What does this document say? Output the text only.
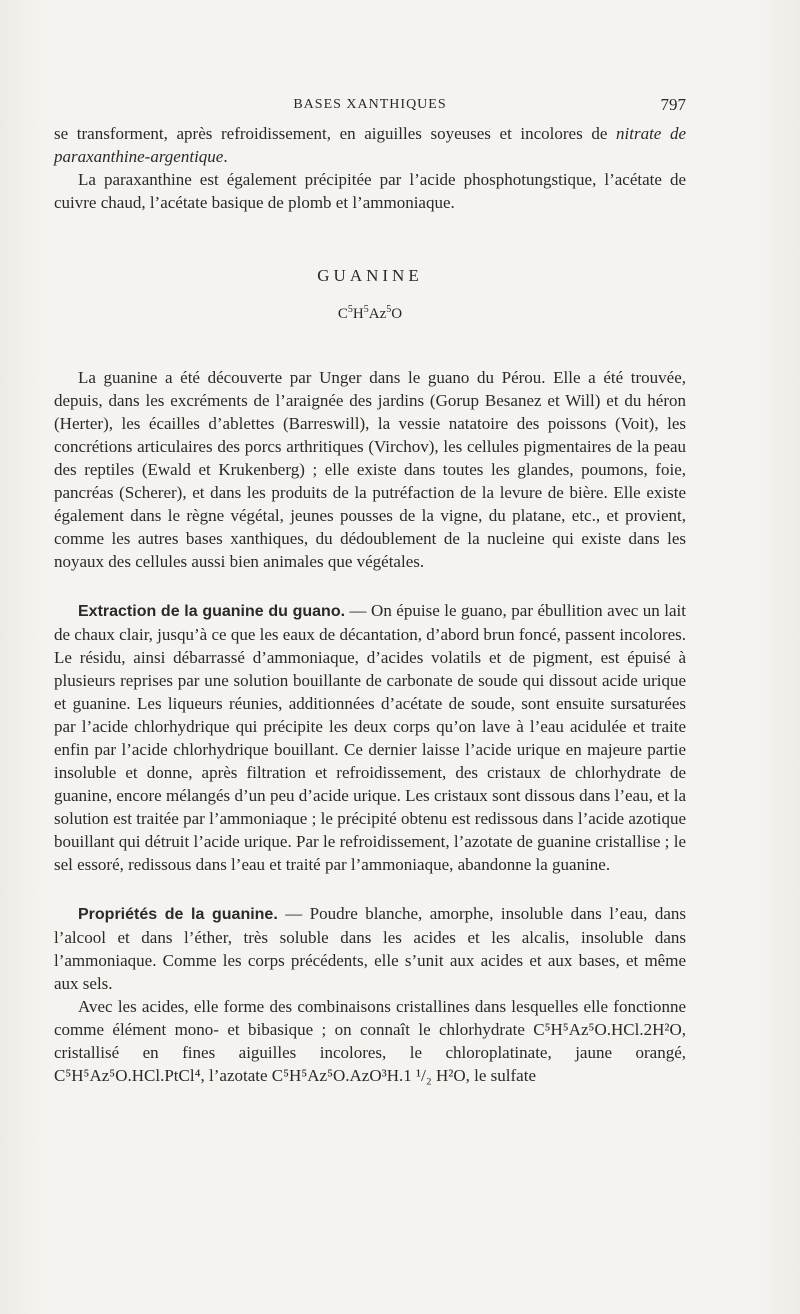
BASES XANTHIQUES	797

se transforment, après refroidissement, en aiguilles soyeuses et incolores de nitrate de paraxanthine-argentique.

La paraxanthine est également précipitée par l’acide phosphotungstique, l’acétate de cuivre chaud, l’acétate basique de plomb et l’ammoniaque.

GUANINE
$C^5H^5Az^5O$

La guanine a été découverte par Unger dans le guano du Pérou. Elle a été trouvée, depuis, dans les excréments de l’araignée des jardins (Gorup Besanez et Will) et du héron (Herter), les écailles d’ablettes (Barreswill), la vessie natatoire des poissons (Voit), les concrétions articulaires des porcs arthritiques (Virchov), les cellules pigmentaires de la peau des reptiles (Ewald et Krukenberg) ; elle existe dans toutes les glandes, poumons, foie, pancréas (Scherer), et dans les produits de la putréfaction de la levure de bière. Elle existe également dans le règne végétal, jeunes pousses de la vigne, du platane, etc., et provient, comme les autres bases xanthiques, du dédoublement de la nucleine qui existe dans les noyaux des cellules aussi bien animales que végétales.

Extraction de la guanine du guano. — On épuise le guano, par ébullition avec un lait de chaux clair, jusqu’à ce que les eaux de décantation, d’abord brun foncé, passent incolores. Le résidu, ainsi débarrassé d’ammoniaque, d’acides volatils et de pigment, est épuisé à plusieurs reprises par une solution bouillante de carbonate de soude qui dissout acide urique et guanine. Les liqueurs réunies, additionnées d’acétate de soude, sont ensuite sursaturées par l’acide chlorhydrique qui précipite les deux corps qu’on lave à l’eau acidulée et traite enfin par l’acide chlorhydrique bouillant. Ce dernier laisse l’acide urique en majeure partie insoluble et donne, après filtration et refroidissement, des cristaux de chlorhydrate de guanine, encore mélangés d’un peu d’acide urique. Les cristaux sont dissous dans l’eau, et la solution est traitée par l’ammoniaque ; le précipité obtenu est redissous dans l’acide azotique bouillant qui détruit l’acide urique. Par le refroidissement, l’azotate de guanine cristallise ; le sel essoré, redissous dans l’eau et traité par l’ammoniaque, abandonne la guanine.

Propriétés de la guanine. — Poudre blanche, amorphe, insoluble dans l’eau, dans l’alcool et dans l’éther, très soluble dans les acides et les alcalis, insoluble dans l’ammoniaque. Comme les corps précédents, elle s’unit aux acides et aux bases, et même aux sels.

Avec les acides, elle forme des combinaisons cristallines dans lesquelles elle fonctionne comme élément mono- et bibasique ; on connaît le chlorhydrate C⁵H⁵Az⁵O.HCl.2H²O, cristallisé en fines aiguilles incolores, le chloroplatinate, jaune orangé, C⁵H⁵Az⁵O.HCl.PtCl⁴, l’azotate C⁵H⁵Az⁵O.AzO³H.1 ¹/₂ H²O, le sulfate
